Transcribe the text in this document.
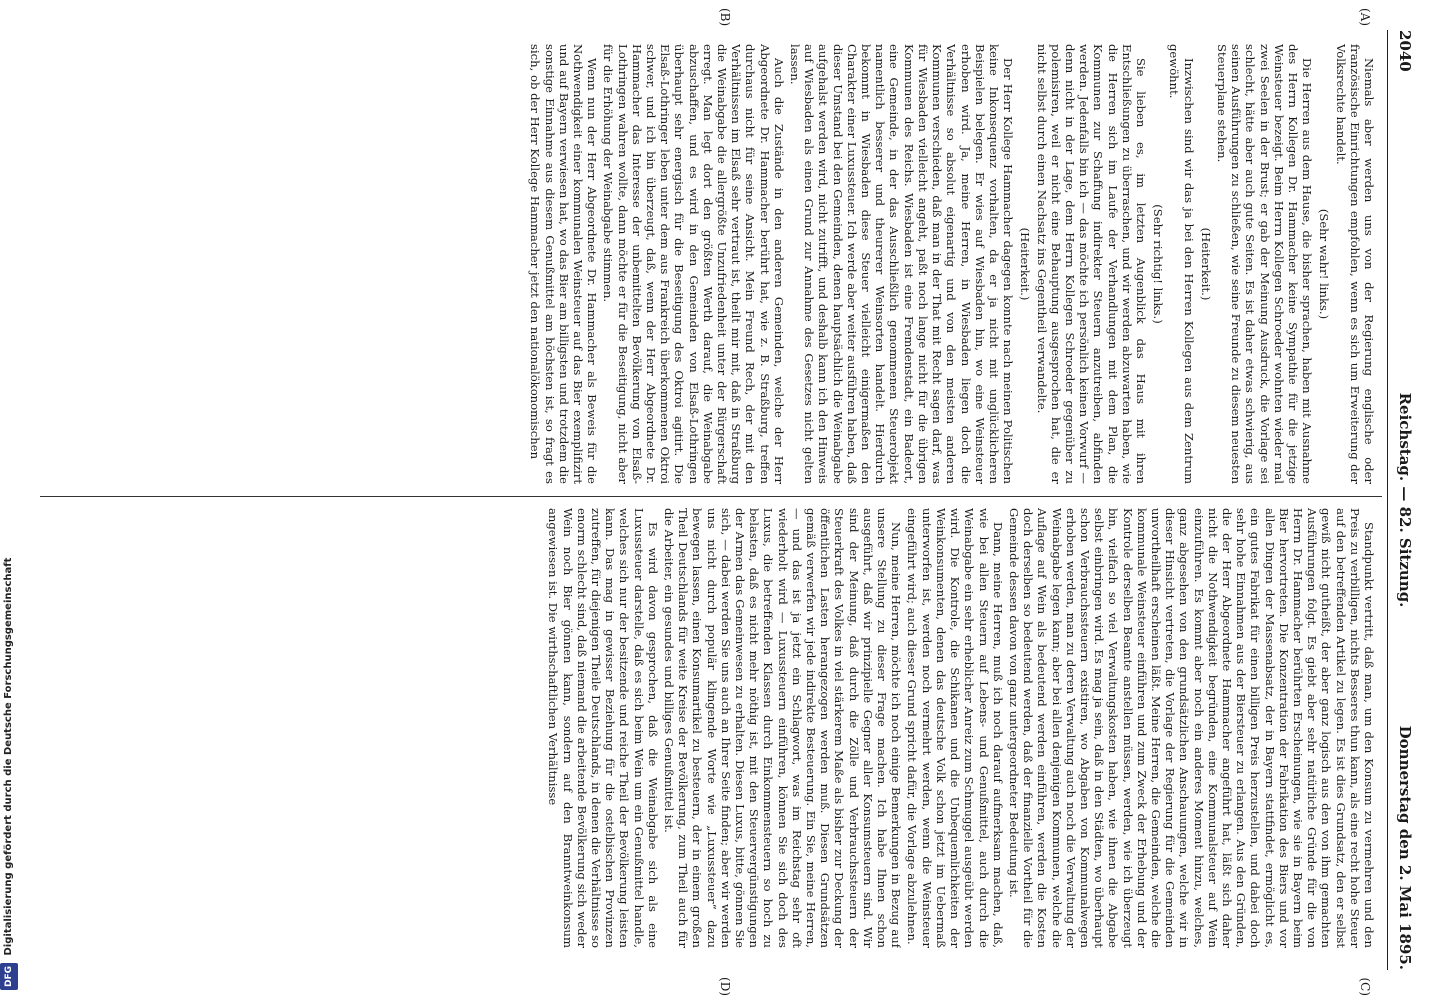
2040
Reichstag. — 82. Sitzung.
Donnerstag den 2. Mai 1895.
(A)
(B)
(C)
(D)

Niemals aber werden uns von der Regierung englische oder französische Einrichtungen empfohlen, wenn es sich um Erweiterung der Volksrechte handelt.

(Sehr wahr! links.)

Die Herren aus dem Hause, die bisher sprachen, haben mit Ausnahme des Herrn Kollegen Dr. Hammacher keine Sympathie für die jetzige Weinsteuer bezeigt. Beim Herrn Kollegen Schroeder wohnten wieder mal zwei Seelen in der Brust; er gab der Meinung Ausdruck, die Vorlage sei schlecht, hätte aber auch gute Seiten. Es ist daher etwas schwierig, aus seinen Ausführungen zu schließen, wie seine Freunde zu diesem neuesten Steuerplane stehen.

(Heiterkeit.)

Inzwischen sind wir das ja bei den Herren Kollegen aus dem Zentrum gewöhnt.

(Sehr richtig! links.)

Sie lieben es, im letzten Augenblick das Haus mit ihren Entschließungen zu überraschen, und wir werden abzuwarten haben, wie die Herren sich im Laufe der Verhandlungen mit dem Plan, die Kommunen zur Schaffung indirekter Steuern anzutreiben, abfinden werden. Jedenfalls bin ich — das möchte ich persönlich keinen Vorwurf — denn nicht in der Lage, dem Herrn Kollegen Schroeder gegenüber zu polemisiren, weil er nicht eine Behauptung ausgesprochen hat, die er nicht selbst durch einen Nachsatz ins Gegentheil verwandelte.

(Heiterkeit.)

Der Herr Kollege Hammacher dagegen konnte nach meinen Politischen keine Inkonsequenz vorhalten, da er ja nicht mit unglücklicheren Beispielen belegen. Er wies auf Wiesbaden hin, wo eine Weinsteuer erhoben wird. Ja, meine Herren, in Wiesbaden liegen doch die Verhältnisse so absolut eigenartig und von den meisten anderen Kommunen verschieden, daß man in der That mit Recht sagen darf, was für Wiesbaden vielleicht angeht, paßt noch lange nicht für die übrigen Kommunen des Reichs. Wiesbaden ist eine Fremdenstadt, ein Badeort, eine Gemeinde, in der das Ausschließlich genommenen Steuerobjekt namentlich besserer und theurerer Weinsorten handelt. Hierdurch bekommt in Wiesbaden diese Steuer vielleicht einigermaßen den Charakter einer Luxussteuer. Ich werde aber weiter ausführen haben, daß dieser Umstand bei den Gemeinden, denen hauptsächlich die Weinabgabe aufgehalst werden wird, nicht zutrifft, und deshalb kann ich den Hinweis auf Wiesbaden als einen Grund zur Annahme des Gesetzes nicht gelten lassen.

Auch die Zustände in den anderen Gemeinden, welche der Herr Abgeordnete Dr. Hammacher berührt hat, wie z. B. Straßburg, treffen durchaus nicht für seine Ansicht. Mein Freund Rech, der mit den Verhältnissen im Elsaß sehr vertraut ist, theilt mir mit, daß in Straßburg die Weinabgabe die allergrößte Unzufriedenheit unter der Bürgerschaft erregt. Man legt dort den größten Werth darauf, die Weinabgabe abzuschaffen, und es wird in den Gemeinden von Elsaß-Lothringen überhaupt sehr energisch für die Beseitigung des Oktroi agitirt. Die Elsaß-Lothringer leben unter dem aus Frankreich überkommenen Oktroi schwer, und ich bin überzeugt, daß, wenn der Herr Abgeordnete Dr. Hammacher das Interesse der unbemittelten Bevölkerung von Elsaß-Lothringen wahren wollte, dann möchte er für die Beseitigung, nicht aber für die Erhöhung der Weinabgabe stimmen.

Wenn nun der Herr Abgeordnete Dr. Hammacher als Beweis für die Nothwendigkeit einer kommunalen Weinsteuer auf das Bier exemplifizirt und auf Bayern verwiesen hat, wo das Bier am billigsten und trotzdem die sonstige Einnahme aus diesem Genußmittel am höchsten ist, so fragt es sich, ob der Herr Kollege Hammacher jetzt den nationalökonomischen

Standpunkt vertritt, daß man, um den Konsum zu vermehren und den Preis zu verbilligen, nichts Besseres thun kann, als eine recht hohe Steuer auf den betreffenden Artikel zu legen. Es ist dies Grundsatz, den er selbst gewiß nicht gutheißt, der aber ganz logisch aus den von ihm gemachten Ausführungen folgt. Es giebt aber sehr natürliche Gründe für die von Herrn Dr. Hammacher berührten Erscheinungen, wie sie in Bayern beim Bier hervortreten. Die Konzentration der Fabrikation des Biers und vor allen Dingen der Massenabsatz, der in Bayern stattfindet, ermöglicht es, ein gutes Fabrikat für einen billigen Preis herzustellen, und dabei doch sehr hohe Einnahmen aus der Biersteuer zu erlangen. Aus den Gründen, die der Herr Abgeordnete Hammacher angeführt hat, läßt sich daher nicht die Nothwendigkeit begründen, eine Kommunalsteuer auf Wein einzuführen. Es kommt aber noch ein anderes Moment hinzu, welches, ganz abgesehen von den grundsätzlichen Anschauungen, welche wir in dieser Hinsicht vertreten, die Vorlage der Regierung für die Gemeinden unvortheilhaft erscheinen läßt. Meine Herren, die Gemeinden, welche die kommunale Weinsteuer einführen und zum Zweck der Erhebung und der Kontrole derselben Beamte anstellen müssen, werden, wie ich überzeugt bin, vielfach so viel Verwaltungskosten haben, wie ihnen die Abgabe selbst einbringen wird. Es mag ja sein, daß in den Städten, wo überhaupt schon Verbrauchssteuern existiren, wo Abgaben von Kommunalwegen erhoben werden, man zu deren Verwaltung auch noch die Verwaltung der Weinabgabe legen kann; aber bei allen denjenigen Kommunen, welche die Auflage auf Wein als bedeutend werden einführen, werden die Kosten doch derselben so bedeutend werden, daß der finanzielle Vortheil für die Gemeinde dessen davon von ganz untergeordneter Bedeutung ist.

Dann, meine Herren, muß ich noch darauf aufmerksam machen, daß, wie bei allen Steuern auf Lebens- und Genußmittel, auch durch die Weinabgabe ein sehr erheblicher Anreiz zum Schmuggel ausgeübt werden wird. Die Kontrole, die Schikanen und die Unbequemlichkeiten der Weinkonsumenten, denen das deutsche Volk schon jetzt im Uebermaß unterworfen ist, werden noch vermehrt werden, wenn die Weinsteuer eingeführt wird; auch dieser Grund spricht dafür, die Vorlage abzulehnen.

Nun, meine Herren, möchte ich noch einige Bemerkungen in Bezug auf unsere Stellung zu dieser Frage machen. Ich habe Ihnen schon ausgeführt, daß wir prinzipielle Gegner aller Konsumsteuern sind. Wir sind der Meinung, daß durch die Zölle und Verbrauchssteuern der Steuerkraft des Volkes in viel stärkerem Maße als bisher zur Deckung der öffentlichen Lasten herangezogen werden muß. Diesen Grundsätzen gemäß verwerfen wir jede indirekte Besteuerung. Ein Sie, meine Herren, — und das ist ja jetzt ein Schlagwort, was im Reichstag sehr oft wiederholt wird — Luxussteuern einführen, können Sie sich doch des Luxus, die betreffenden Klassen durch Einkommensteuern so hoch zu belasten, daß es nicht mehr nöthig ist, mit den Steuervergünstigungen der Armen das Gemeinwesen zu erhalten. Diesen Luxus, bitte, gönnen Sie sich, — dabei werden Sie uns auch an Ihrer Seite finden; aber wir werden uns nicht durch populär klingende Worte wie „Luxussteuer“ dazu bewegen lassen, einen Konsumartikel zu besteuern, der in einem großen Theil Deutschlands für weite Kreise der Bevölkerung, zum Theil auch für die Arbeiter, ein gesundes und billiges Genußmittel ist.

Es wird davon gesprochen, daß die Weinabgabe sich als eine Luxussteuer darstelle, daß es sich beim Wein um ein Genußmittel handle, welches sich nur der besitzende und reiche Theil der Bevölkerung leisten kann. Das mag in gewisser Beziehung für die ostelbischen Provinzen zutreffen, für diejenigen Theile Deutschlands, in denen die Verhältnisse so enorm schlecht sind, daß niemand die arbeitende Bevölkerung sich weder Wein noch Bier gönnen kann, sondern auf den Branntweinkonsum angewiesen ist. Die wirthschaftlichen Verhältnisse

DFG Digitalisierung gefördert durch die Deutsche Forschungsgemeinschaft
